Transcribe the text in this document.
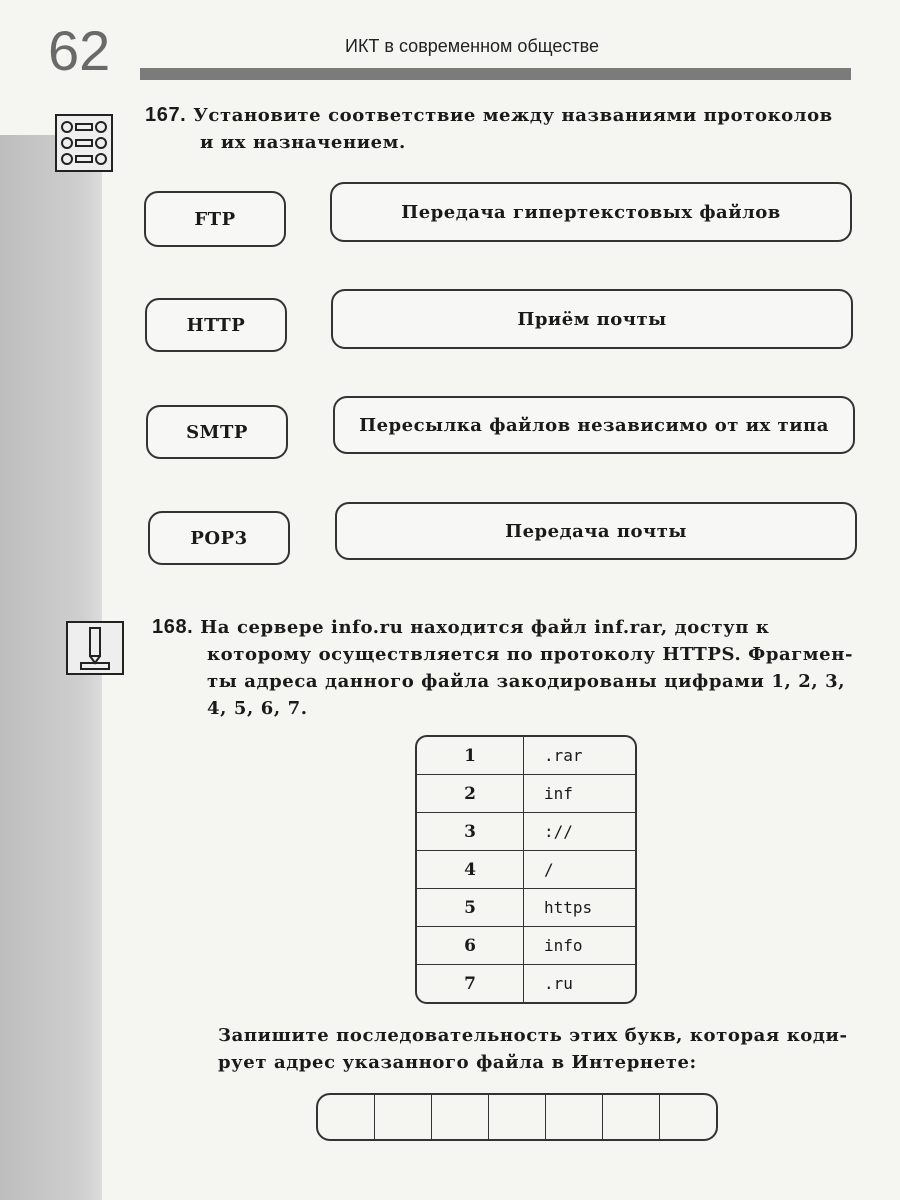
62	ИКТ в современном обществе
167. Установите соответствие между названиями протоколов
и их назначением.
FTP
HTTP
SMTP
POP3
Передача гипертекстовых файлов
Приём почты
Пересылка файлов независимо от их типа
Передача почты
168. На сервере info.ru находится файл inf.rar, доступ к
которому осуществляется по протоколу HTTPS. Фрагмен-
ты адреса данного файла закодированы цифрами 1, 2, 3,
4, 5, 6, 7.
1	.rar
2	inf
3	://
4	/
5	https
6	info
7	.ru
Запишите последовательность этих букв, которая коди-
рует адрес указанного файла в Интернете:
